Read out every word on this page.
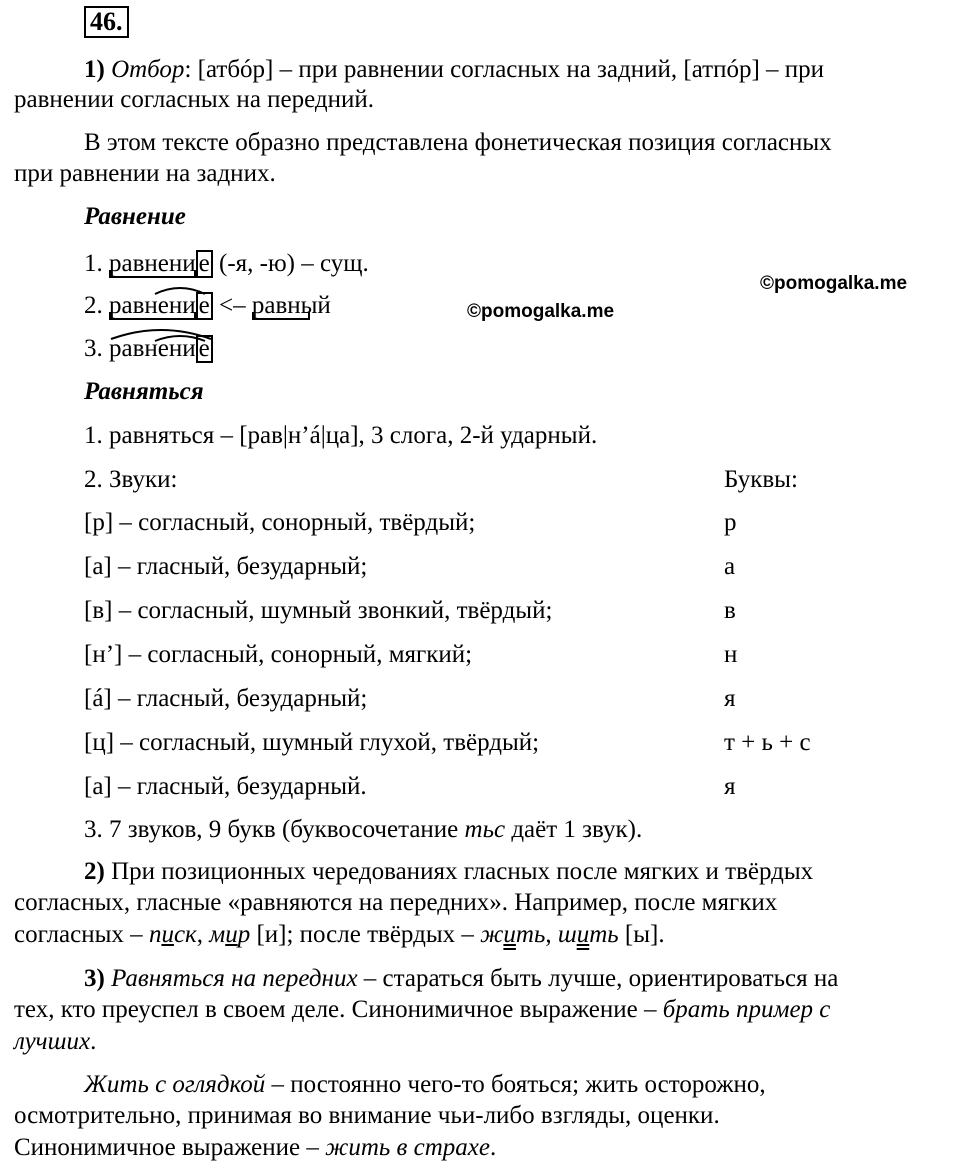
46.
©pomogalka.me
©pomogalka.me
1) Отбор: [атбóр] – при равнении согласных на задний, [атпóр] – при
равнении согласных на передний.
В этом тексте образно представлена фонетическая позиция согласных
при равнении на задних.
Равнение
1. равнени е (-я, -ю) – сущ.
2. равнени е <– равный
3. равнени е
Равняться
1. равняться – [рав|н’á|ца], 3 слога, 2-й ударный.
2. Звуки:	Буквы:
[р] – согласный, сонорный, твёрдый;	р
[а] – гласный, безударный;	а
[в] – согласный, шумный звонкий, твёрдый;	в
[н’] – согласный, сонорный, мягкий;	н
[á] – гласный, безударный;	я
[ц] – согласный, шумный глухой, твёрдый;	т + ь + с
[а] – гласный, безударный.	я
3. 7 звуков, 9 букв (буквосочетание тьс даёт 1 звук).
2) При позиционных чередованиях гласных после мягких и твёрдых
согласных, гласные «равняются на передних». Например, после мягких
согласных – писк, мир [и]; после твёрдых – жить, шить [ы].
3) Равняться на передних – стараться быть лучше, ориентироваться на
тех, кто преуспел в своем деле. Синонимичное выражение – брать пример с
лучших.
Жить с оглядкой – постоянно чего-то бояться; жить осторожно,
осмотрительно, принимая во внимание чьи-либо взгляды, оценки.
Синонимичное выражение – жить в страхе.
